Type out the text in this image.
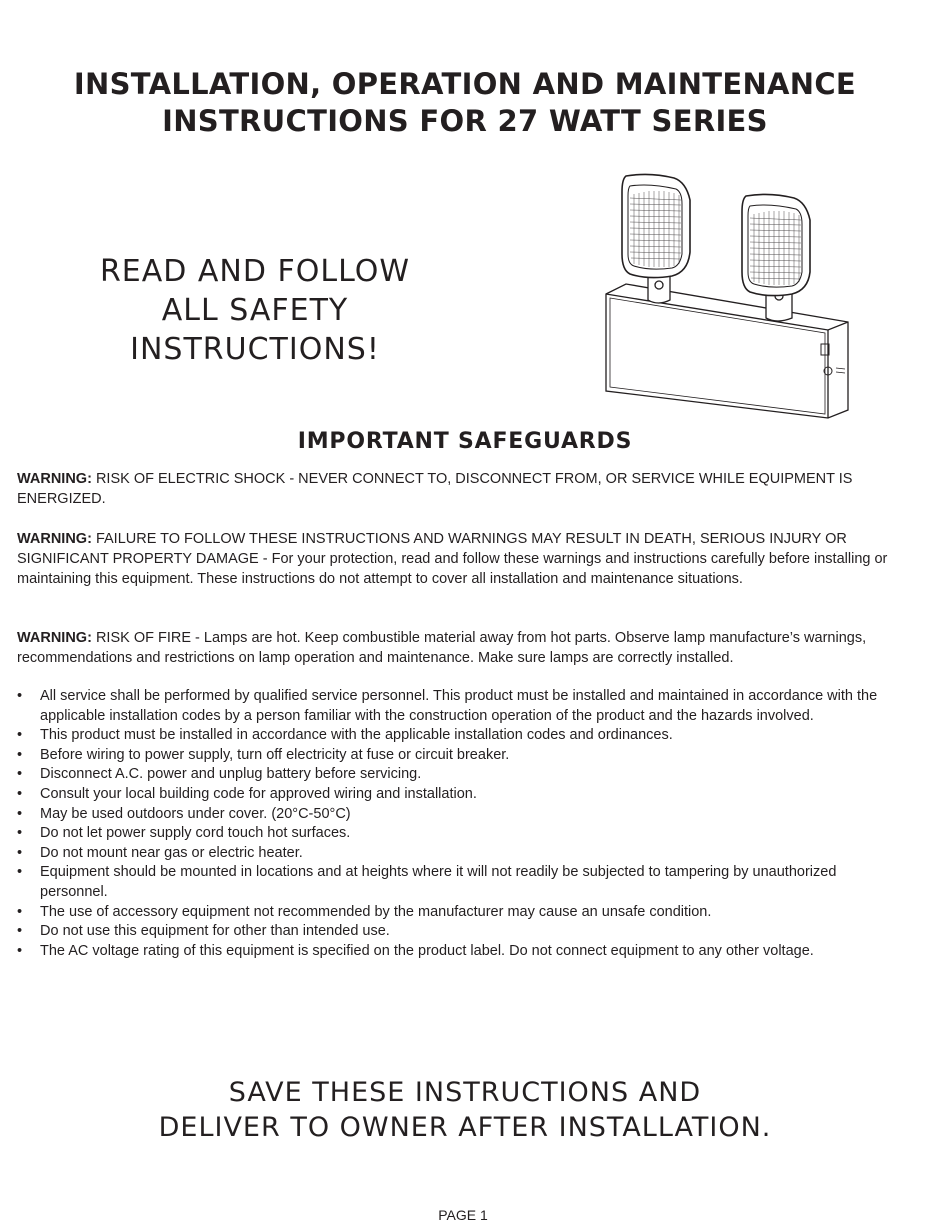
INSTALLATION, OPERATION AND MAINTENANCE
INSTRUCTIONS FOR 27 WATT SERIES
READ AND FOLLOW
ALL SAFETY
INSTRUCTIONS!
IMPORTANT SAFEGUARDS
WARNING: RISK OF ELECTRIC SHOCK - NEVER CONNECT TO, DISCONNECT FROM, OR SERVICE WHILE EQUIPMENT IS ENERGIZED.
WARNING: FAILURE TO FOLLOW THESE INSTRUCTIONS AND WARNINGS MAY RESULT IN DEATH, SERIOUS INJURY OR SIGNIFICANT PROPERTY DAMAGE - For your protection, read and follow these warnings and instructions carefully before installing or maintaining this equipment. These instructions do not attempt to cover all installation and maintenance situations.
WARNING: RISK OF FIRE - Lamps are hot. Keep combustible material away from hot parts. Observe lamp manufacture’s warnings, recommendations and restrictions on lamp operation and maintenance. Make sure lamps are correctly installed.
• All service shall be performed by qualified service personnel. This product must be installed and maintained in accordance with the applicable installation codes by a person familiar with the construction operation of the product and the hazards involved.
• This product must be installed in accordance with the applicable installation codes and ordinances.
• Before wiring to power supply, turn off electricity at fuse or circuit breaker.
• Disconnect A.C. power and unplug battery before servicing.
• Consult your local building code for approved wiring and installation.
• May be used outdoors under cover. (20°C-50°C)
• Do not let power supply cord touch hot surfaces.
• Do not mount near gas or electric heater.
• Equipment should be mounted in locations and at heights where it will not readily be subjected to tampering by unauthorized personnel.
• The use of accessory equipment not recommended by the manufacturer may cause an unsafe condition.
• Do not use this equipment for other than intended use.
• The AC voltage rating of this equipment is specified on the product label. Do not connect equipment to any other voltage.
SAVE THESE INSTRUCTIONS AND
DELIVER TO OWNER AFTER INSTALLATION.
PAGE 1
